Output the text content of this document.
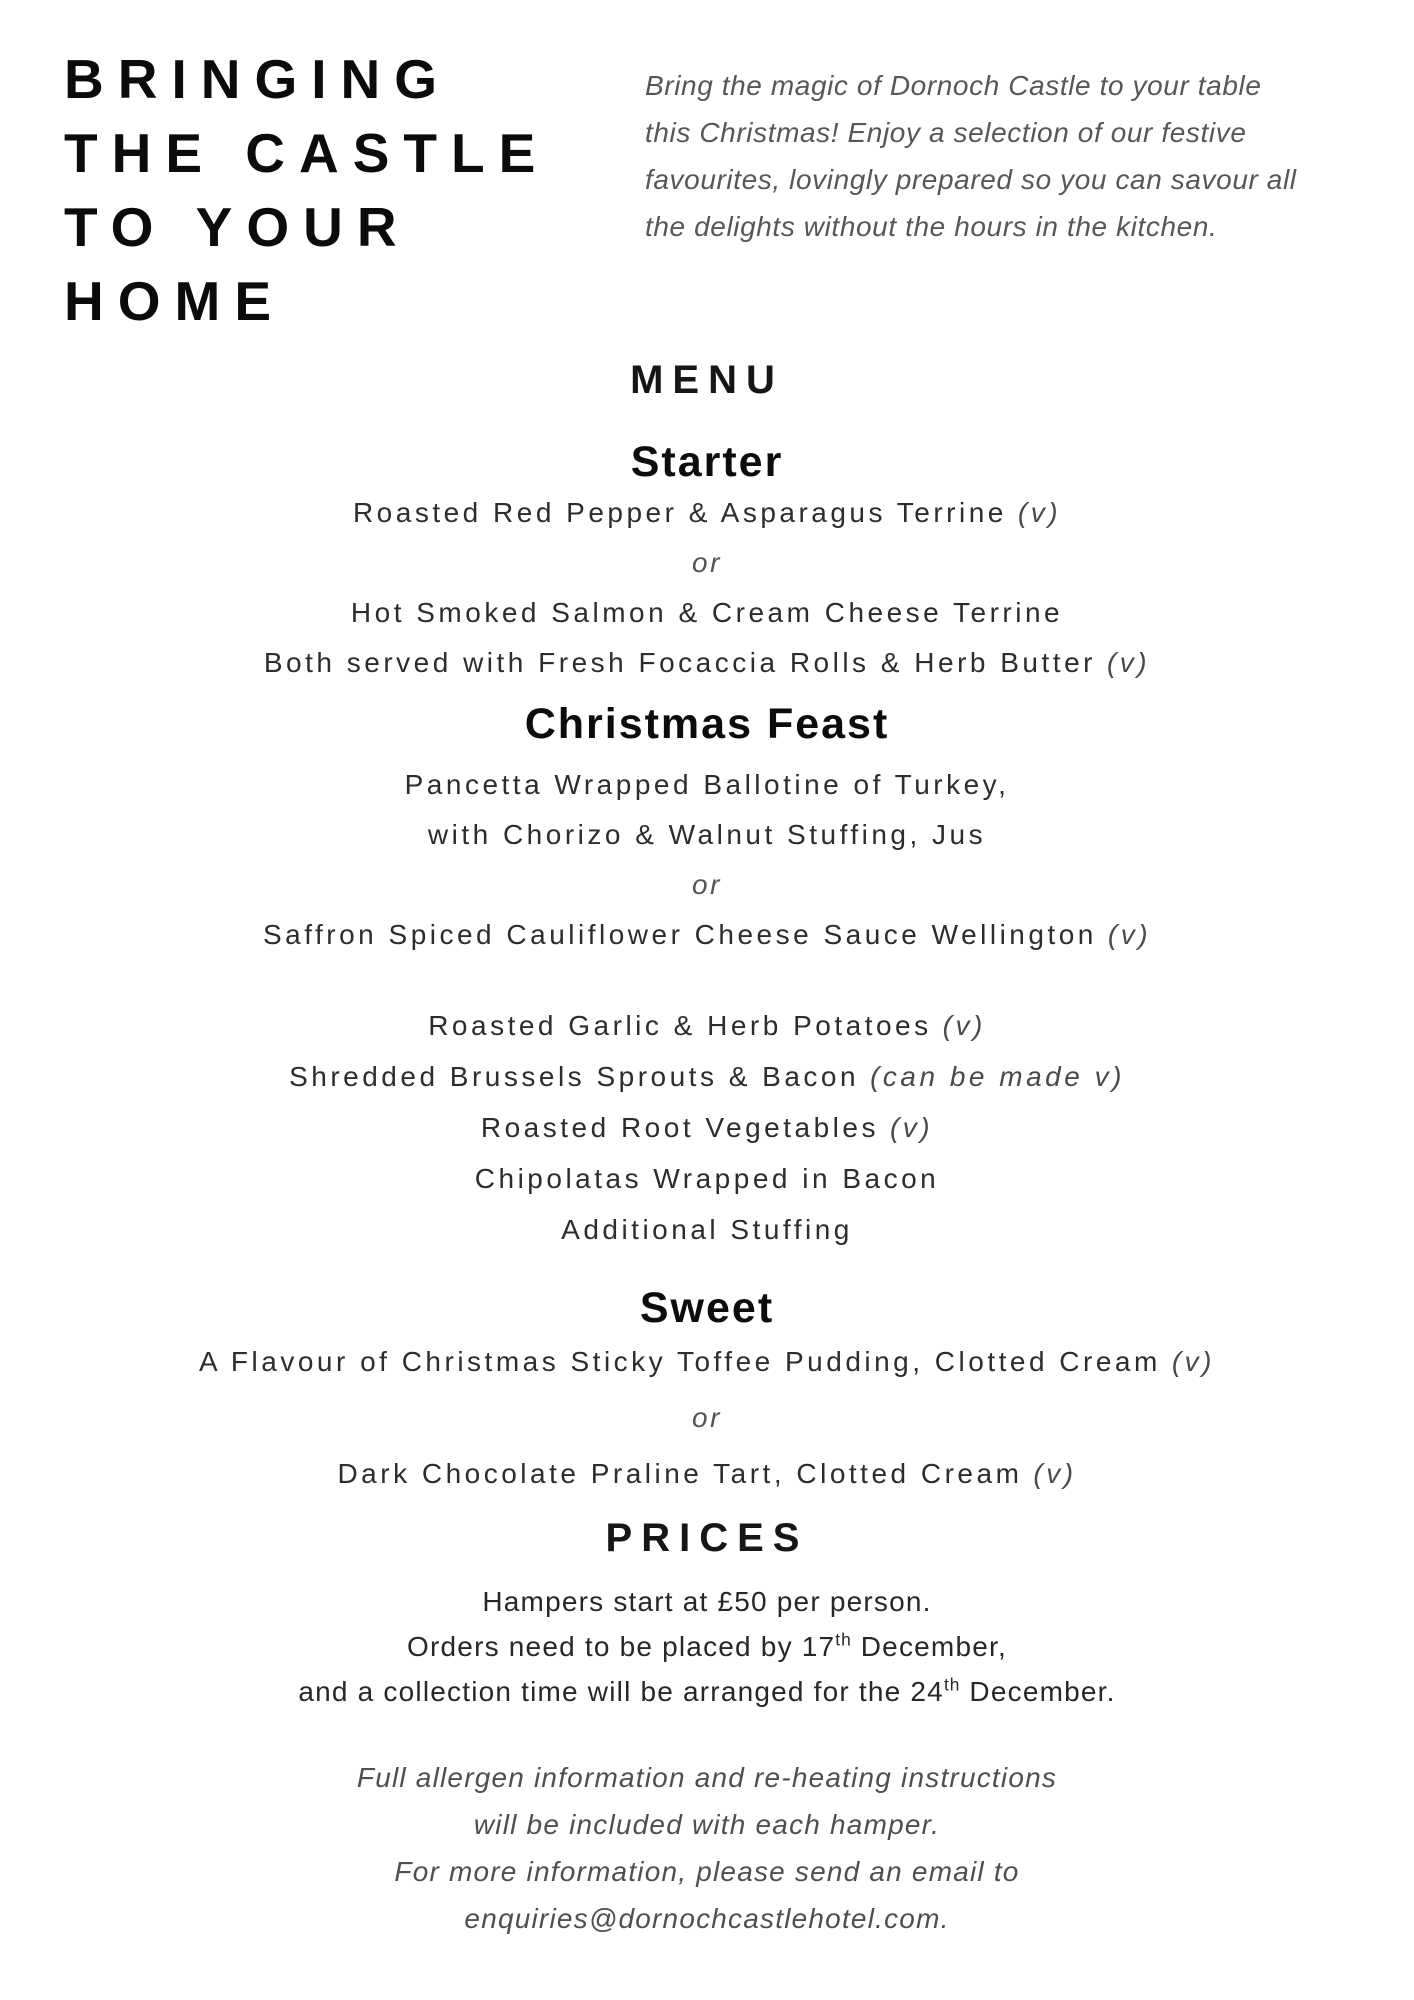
BRINGING
THE CASTLE
TO YOUR
HOME
Bring the magic of Dornoch Castle to your table
this Christmas! Enjoy a selection of our festive
favourites, lovingly prepared so you can savour all
the delights without the hours in the kitchen.
MENU
Starter
Roasted Red Pepper & Asparagus Terrine (v)
or
Hot Smoked Salmon & Cream Cheese Terrine
Both served with Fresh Focaccia Rolls & Herb Butter (v)
Christmas Feast
Pancetta Wrapped Ballotine of Turkey,
with Chorizo & Walnut Stuffing, Jus
or
Saffron Spiced Cauliflower Cheese Sauce Wellington (v)
Roasted Garlic & Herb Potatoes (v)
Shredded Brussels Sprouts & Bacon (can be made v)
Roasted Root Vegetables (v)
Chipolatas Wrapped in Bacon
Additional Stuffing
Sweet
A Flavour of Christmas Sticky Toffee Pudding, Clotted Cream (v)
or
Dark Chocolate Praline Tart, Clotted Cream (v)
PRICES
Hampers start at £50 per person.
Orders need to be placed by 17th December,
and a collection time will be arranged for the 24th December.
Full allergen information and re-heating instructions
will be included with each hamper.
For more information, please send an email to
enquiries@dornochcastlehotel.com.
